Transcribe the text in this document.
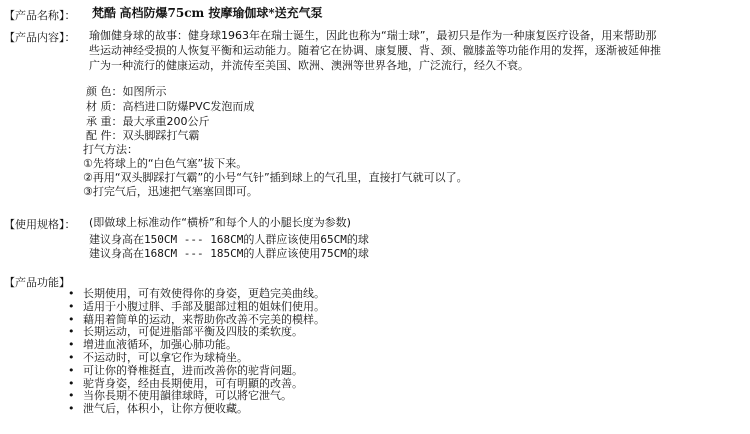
【产品名称】： 梵酷 高档防爆75cm 按摩瑜伽球*送充气泵
【产品内容】： 瑜伽健身球的故事：健身球1963年在瑞士诞生，因此也称为“瑞士球”，最初只是作为一种康复医疗设备，用来帮助那
些运动神经受损的人恢复平衡和运动能力。随着它在协调、康复腰、背、颈、髋膝盖等功能作用的发挥，逐渐被延伸推
广为一种流行的健康运动，并流传至美国、欧洲、澳洲等世界各地，广泛流行，经久不衰。
颜 色：如图所示
材 质：高档进口防爆PVC发泡而成
承 重：最大承重200公斤
配 件：双头脚踩打气霸
打气方法：
①先将球上的“白色气塞”拔下来。
②再用“双头脚踩打气霸”的小号“气针”插到球上的气孔里，直接打气就可以了。
③打完气后，迅速把气塞塞回即可。
【使用规格】： (即做球上标准动作“横桥”和每个人的小腿长度为参数)
建议身高在150CM --- 168CM的人群应该使用65CM的球
建议身高在168CM --- 185CM的人群应该使用75CM的球
【产品功能】
• 长期使用，可有效使得你的身姿，更趋完美曲线。
• 适用于小腹过胖、手部及腿部过粗的姐妹们使用。
• 藉用着简单的运动，来帮助你改善不完美的模样。
• 长期运动，可促进脂部平衡及四肢的柔软度。
• 增进血液循环，加强心肺功能。
• 不运动时，可以拿它作为球椅坐。
• 可让你的脊椎挺直，进而改善你的驼背问题。
• 驼背身姿，经由長期使用，可有明顯的改善。
• 当你長期不使用韻律球時，可以將它泄气。
• 泄气后，体积小，让你方便收藏。
